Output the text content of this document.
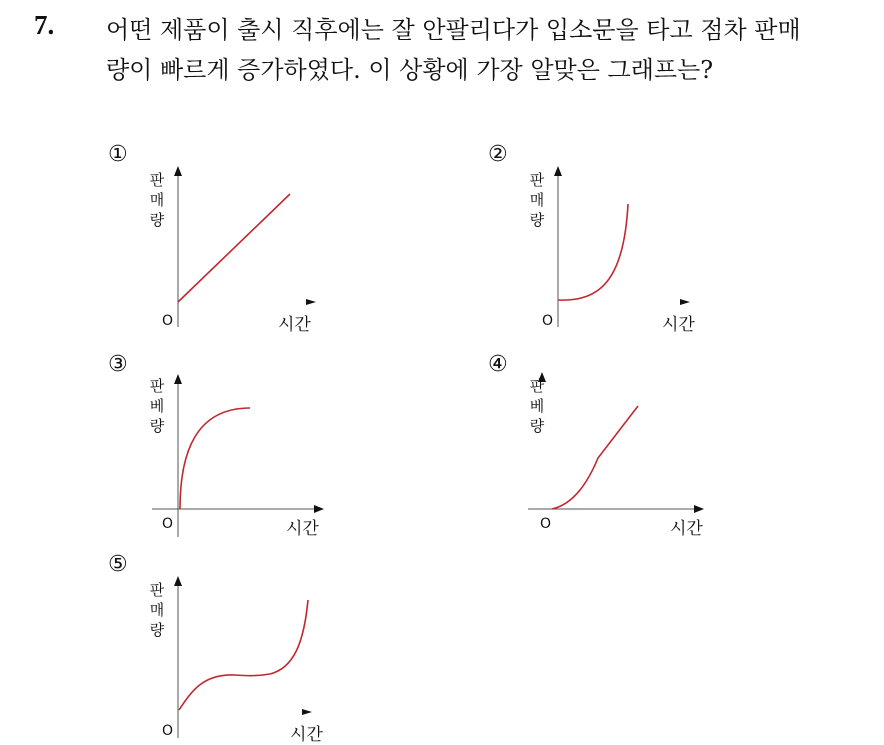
7. 어떤 제품이 출시 직후에는 잘 안팔리다가 입소문을 타고 점차 판매
량이 빠르게 증가하였다. 이 상황에 가장 알맞은 그래프는?
①
판
매
량
O	시간
②
판
매
량
O	시간
③
판
베
량
O	시간
④
판
베
량
O	시간
⑤
판
매
량
O	시간
